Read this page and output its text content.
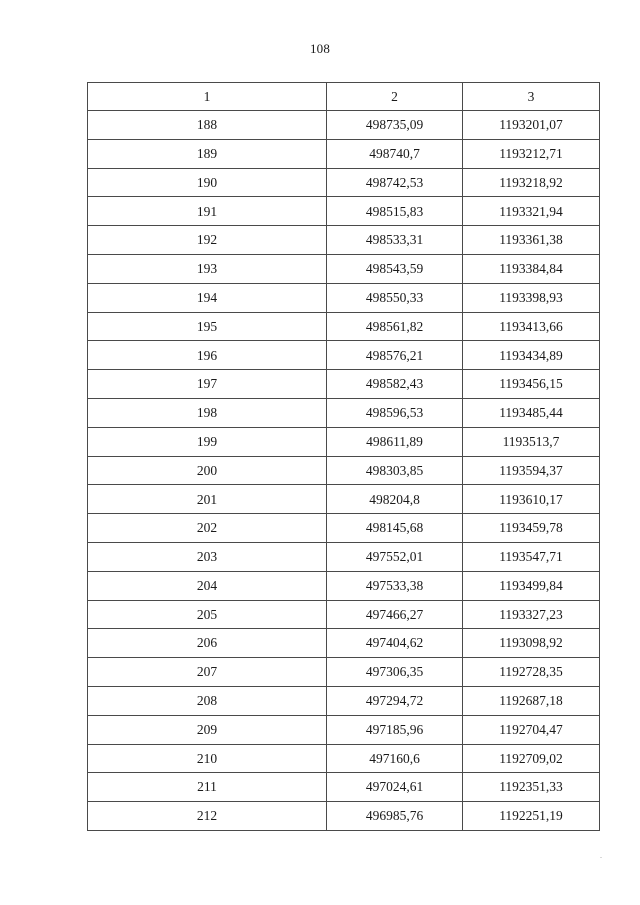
108
1	2	3
188	498735,09	1193201,07
189	498740,7	1193212,71
190	498742,53	1193218,92
191	498515,83	1193321,94
192	498533,31	1193361,38
193	498543,59	1193384,84
194	498550,33	1193398,93
195	498561,82	1193413,66
196	498576,21	1193434,89
197	498582,43	1193456,15
198	498596,53	1193485,44
199	498611,89	1193513,7
200	498303,85	1193594,37
201	498204,8	1193610,17
202	498145,68	1193459,78
203	497552,01	1193547,71
204	497533,38	1193499,84
205	497466,27	1193327,23
206	497404,62	1193098,92
207	497306,35	1192728,35
208	497294,72	1192687,18
209	497185,96	1192704,47
210	497160,6	1192709,02
211	497024,61	1192351,33
212	496985,76	1192251,19
-
